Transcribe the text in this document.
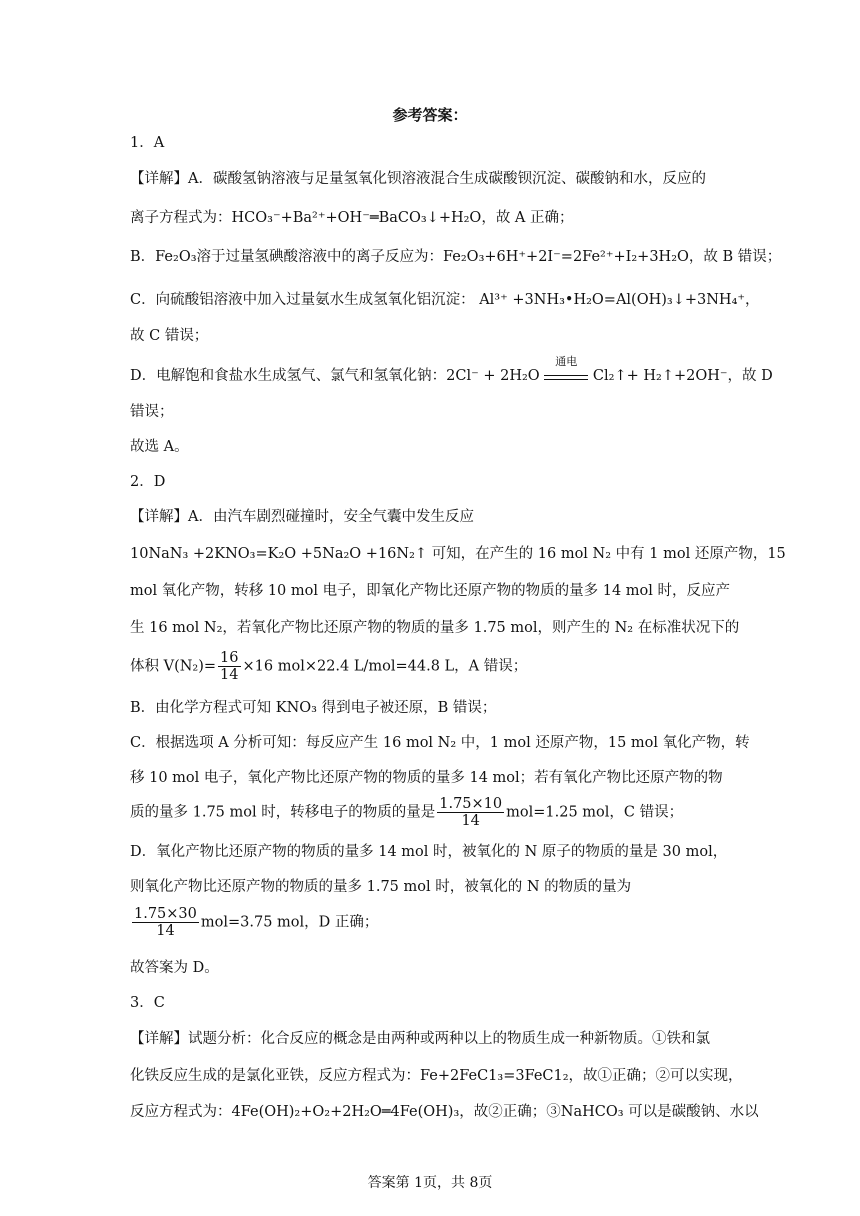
参考答案：
1．A
【详解】A．碳酸氢钠溶液与足量氢氧化钡溶液混合生成碳酸钡沉淀、碳酸钠和水，反应的
离子方程式为：HCO₃⁻+Ba²⁺+OH⁻═BaCO₃↓+H₂O，故 A 正确；
B．Fe₂O₃溶于过量氢碘酸溶液中的离子反应为：Fe₂O₃+6H⁺+2I⁻=2Fe²⁺+I₂+3H₂O，故 B 错误；
C．向硫酸铝溶液中加入过量氨水生成氢氧化铝沉淀： Al³⁺ +3NH₃•H₂O=Al(OH)₃↓+3NH₄⁺，
故 C 错误；
D．电解饱和食盐水生成氢气、氯气和氢氧化钠：2Cl⁻ + 2H₂O
通电
Cl₂↑+ H₂↑+2OH⁻，故 D
错误；
故选 A。
2．D
【详解】A．由汽车剧烈碰撞时，安全气囊中发生反应
10NaN₃ +2KNO₃=K₂O +5Na₂O +16N₂↑ 可知，在产生的 16 mol N₂ 中有 1 mol 还原产物，15
mol 氧化产物，转移 10 mol 电子，即氧化产物比还原产物的物质的量多 14 mol 时，反应产
生 16 mol N₂，若氧化产物比还原产物的物质的量多 1.75 mol，则产生的 N₂ 在标准状况下的
体积 $V(N_2)= \frac{16}{14} \times 16$ mol×22.4 L/mol=44.8 L，A 错误；
B．由化学方程式可知 KNO₃ 得到电子被还原，B 错误；
C．根据选项 A 分析可知：每反应产生 16 mol N₂ 中，1 mol 还原产物，15 mol 氧化产物，转
移 10 mol 电子，氧化产物比还原产物的物质的量多 14 mol；若有氧化产物比还原产物的物
质的量多 1.75 mol 时，转移电子的物质的量是 $\frac{1.75\times 10}{14} mol=1.25$ mol，C 错误；
D．氧化产物比还原产物的物质的量多 14 mol 时，被氧化的 N 原子的物质的量是 30 mol，
则氧化产物比还原产物的物质的量多 1.75 mol 时，被氧化的 N 的物质的量为
$\frac{1.75\times 30}{14} mol=3.75$ mol，D 正确；
故答案为 D。
3．C
【详解】试题分析：化合反应的概念是由两种或两种以上的物质生成一种新物质。①铁和氯
化铁反应生成的是氯化亚铁，反应方程式为：Fe+2FeC1₃=3FeC1₂，故①正确；②可以实现，
反应方程式为：4Fe(OH)₂+O₂+2H₂O═4Fe(OH)₃，故②正确；③NaHCO₃ 可以是碳酸钠、水以
答案第 1页，共 8页
